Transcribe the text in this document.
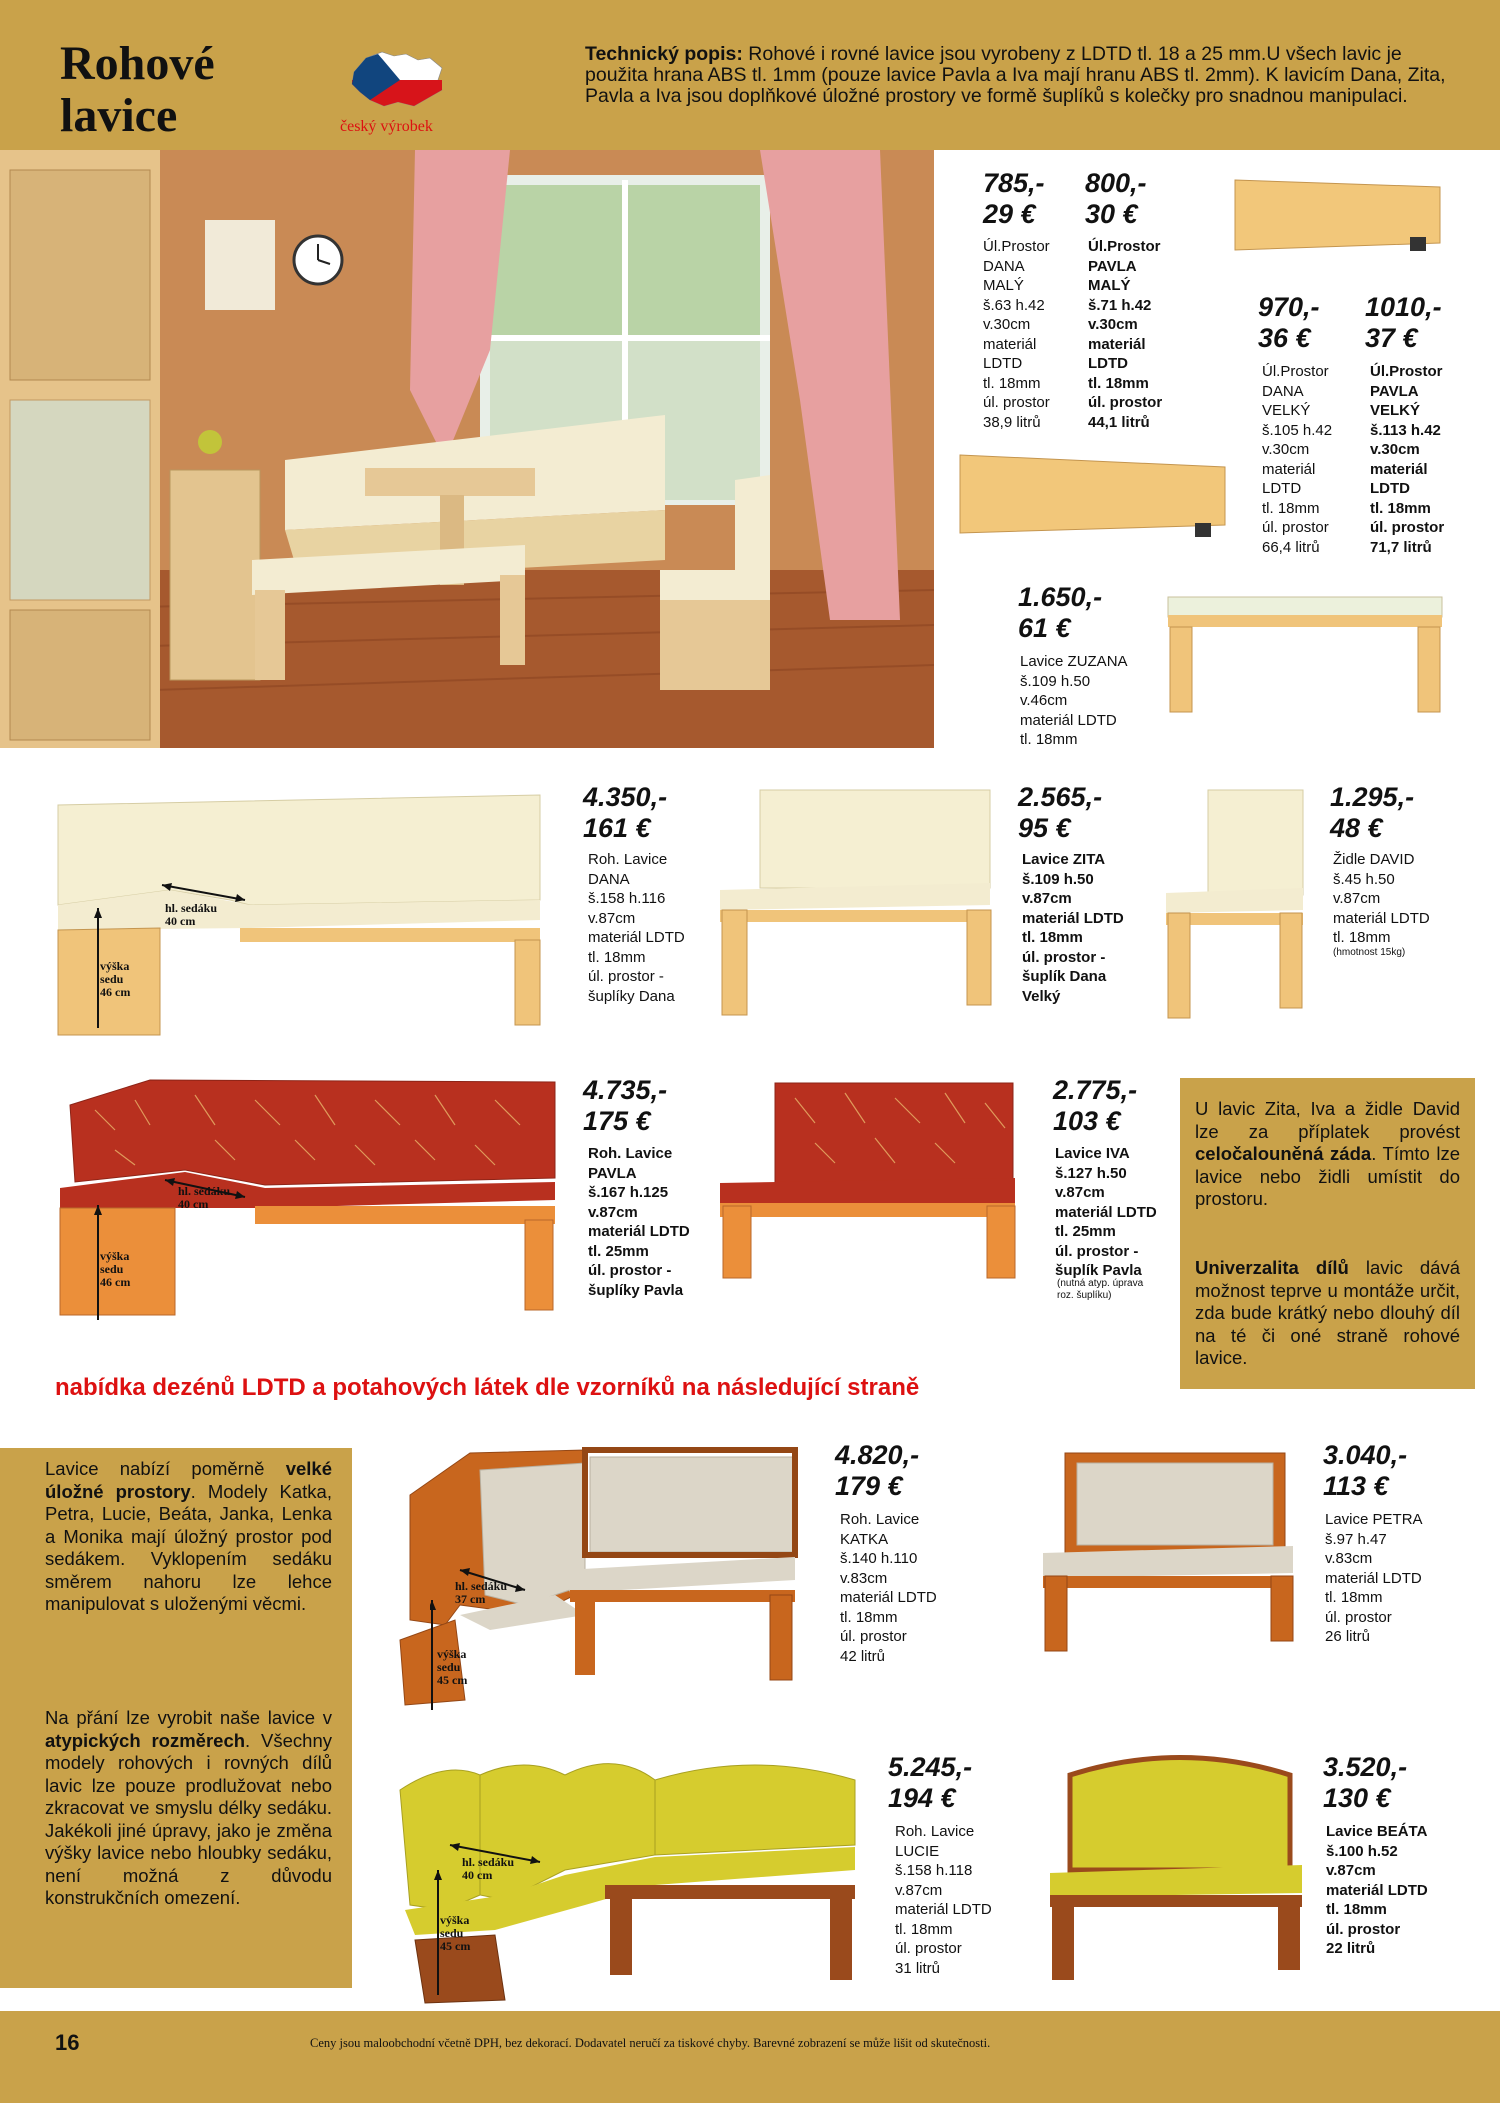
Rohové
lavice	český výrobek
Technický popis: Rohové i rovné lavice jsou vyrobeny z LDTD tl. 18 a 25 mm.U všech lavic je použita hrana ABS tl. 1mm (pouze lavice Pavla a Iva mají hranu ABS tl. 2mm). K lavicím Dana, Zita, Pavla a Iva jsou doplňkové úložné prostory ve formě šuplíků s kolečky pro snadnou manipulaci.
785,-
29 €
Úl.Prostor
DANA
MALÝ
š.63 h.42
v.30cm
materiál
LDTD
tl. 18mm
úl. prostor
38,9 litrů
800,-
30 €
Úl.Prostor
PAVLA
MALÝ
š.71 h.42
v.30cm
materiál
LDTD
tl. 18mm
úl. prostor
44,1 litrů
970,-
36 €
Úl.Prostor
DANA
VELKÝ
š.105 h.42
v.30cm
materiál
LDTD
tl. 18mm
úl. prostor
66,4 litrů
1010,-
37 €
Úl.Prostor
PAVLA
VELKÝ
š.113 h.42
v.30cm
materiál
LDTD
tl. 18mm
úl. prostor
71,7 litrů
1.650,-
61 €
Lavice ZUZANA
š.109 h.50
v.46cm
materiál LDTD
tl. 18mm
hl. sedáku
40 cm
výška
sedu
46 cm
4.350,-
161 €
Roh. Lavice
DANA
š.158 h.116
v.87cm
materiál LDTD
tl. 18mm
úl. prostor -
šuplíky Dana
2.565,-
95 €
Lavice ZITA
š.109 h.50
v.87cm
materiál LDTD
tl. 18mm
úl. prostor -
šuplík Dana
Velký
1.295,-
48 €
Židle DAVID
š.45 h.50
v.87cm
materiál LDTD
tl. 18mm
(hmotnost 15kg)
hl. sedáku
40 cm
výška
sedu
46 cm
4.735,-
175 €
Roh. Lavice
PAVLA
š.167 h.125
v.87cm
materiál LDTD
tl. 25mm
úl. prostor -
šuplíky Pavla
2.775,-
103 €
Lavice IVA
š.127 h.50
v.87cm
materiál LDTD
tl. 25mm
úl. prostor -
šuplík Pavla
(nutná atyp. úprava
roz. šuplíku)
U lavic Zita, Iva a židle David lze za příplatek provést celočalouněná záda. Tímto lze lavice nebo židli umístit do prostoru.
Univerzalita dílů lavic dává možnost teprve u montáže určit, zda bude krátký nebo dlouhý díl na té či oné straně rohové lavice.
nabídka dezénů LDTD a potahových látek dle vzorníků na následující straně
Lavice nabízí poměrně velké úložné prostory. Modely Katka, Petra, Lucie, Beáta, Janka, Lenka a Monika mají úložný prostor pod sedákem. Vyklopením sedáku směrem nahoru lze lehce manipulovat s uloženými věcmi.
Na přání lze vyrobit naše lavice v atypických rozměrech. Všechny modely rohových i rovných dílů lavic lze pouze prodlužovat nebo zkracovat ve smyslu délky sedáku. Jakékoli jiné úpravy, jako je změna výšky lavice nebo hloubky sedáku, není možná z důvodu konstrukčních omezení.
hl. sedáku
37 cm
výška
sedu
45 cm
4.820,-
179 €
Roh. Lavice
KATKA
š.140 h.110
v.83cm
materiál LDTD
tl. 18mm
úl. prostor
42 litrů
3.040,-
113 €
Lavice PETRA
š.97 h.47
v.83cm
materiál LDTD
tl. 18mm
úl. prostor
26 litrů
hl. sedáku
40 cm
výška
sedu
45 cm
5.245,-
194 €
Roh. Lavice
LUCIE
š.158 h.118
v.87cm
materiál LDTD
tl. 18mm
úl. prostor
31 litrů
3.520,-
130 €
Lavice BEÁTA
š.100 h.52
v.87cm
materiál LDTD
tl. 18mm
úl. prostor
22 litrů
16	Ceny jsou maloobchodní včetně DPH, bez dekorací. Dodavatel neručí za tiskové chyby. Barevné zobrazení se může lišit od skutečnosti.
